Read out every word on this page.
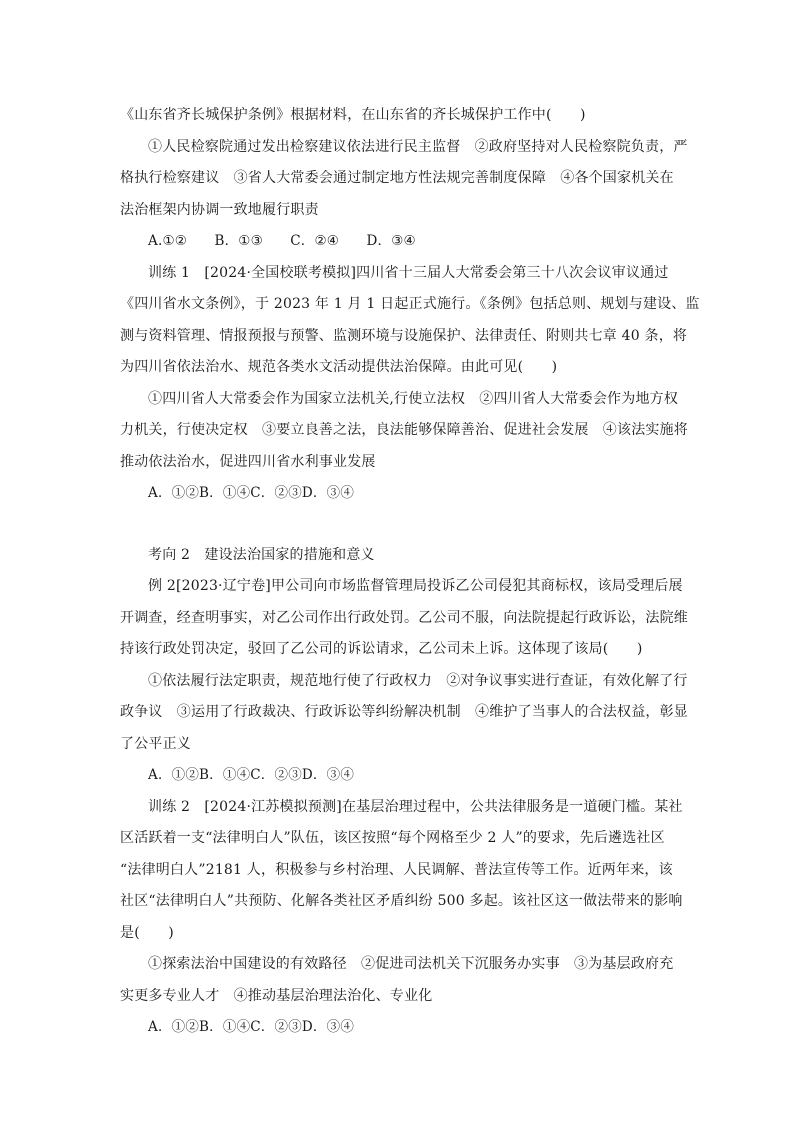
《山东省齐长城保护条例》根据材料，在山东省的齐长城保护工作中(　　)
①人民检察院通过发出检察建议依法进行民主监督　②政府坚持对人民检察院负责，严
格执行检察建议　③省人大常委会通过制定地方性法规完善制度保障　④各个国家机关在
法治框架内协调一致地履行职责
A.①②　　B．①③　　C．②④　　D．③④
训练 1　[2024·全国校联考模拟]四川省十三届人大常委会第三十八次会议审议通过
《四川省水文条例》，于 2023 年 1 月 1 日起正式施行。《条例》包括总则、规划与建设、监
测与资料管理、情报预报与预警、监测环境与设施保护、法律责任、附则共七章 40 条，将
为四川省依法治水、规范各类水文活动提供法治保障。由此可见(　　)
①四川省人大常委会作为国家立法机关,行使立法权　②四川省人大常委会作为地方权
力机关，行使决定权　③要立良善之法，良法能够保障善治、促进社会发展　④该法实施将
推动依法治水，促进四川省水利事业发展
A．①②B．①④C．②③D．③④
考向 2　建设法治国家的措施和意义
例 2[2023·辽宁卷]甲公司向市场监督管理局投诉乙公司侵犯其商标权，该局受理后展
开调查，经查明事实，对乙公司作出行政处罚。乙公司不服，向法院提起行政诉讼，法院维
持该行政处罚决定，驳回了乙公司的诉讼请求，乙公司未上诉。这体现了该局(　　)
①依法履行法定职责，规范地行使了行政权力　②对争议事实进行查证，有效化解了行
政争议　③运用了行政裁决、行政诉讼等纠纷解决机制　④维护了当事人的合法权益，彰显
了公平正义
A．①②B．①④C．②③D．③④
训练 2　[2024·江苏模拟预测]在基层治理过程中，公共法律服务是一道硬门槛。某社
区活跃着一支“法律明白人”队伍，该区按照“每个网格至少 2 人”的要求，先后遴选社区
“法律明白人”2181 人，积极参与乡村治理、人民调解、普法宣传等工作。近两年来，该
社区“法律明白人”共预防、化解各类社区矛盾纠纷 500 多起。该社区这一做法带来的影响
是(　　)
①探索法治中国建设的有效路径　②促进司法机关下沉服务办实事　③为基层政府充
实更多专业人才　④推动基层治理法治化、专业化
A．①②B．①④C．②③D．③④
